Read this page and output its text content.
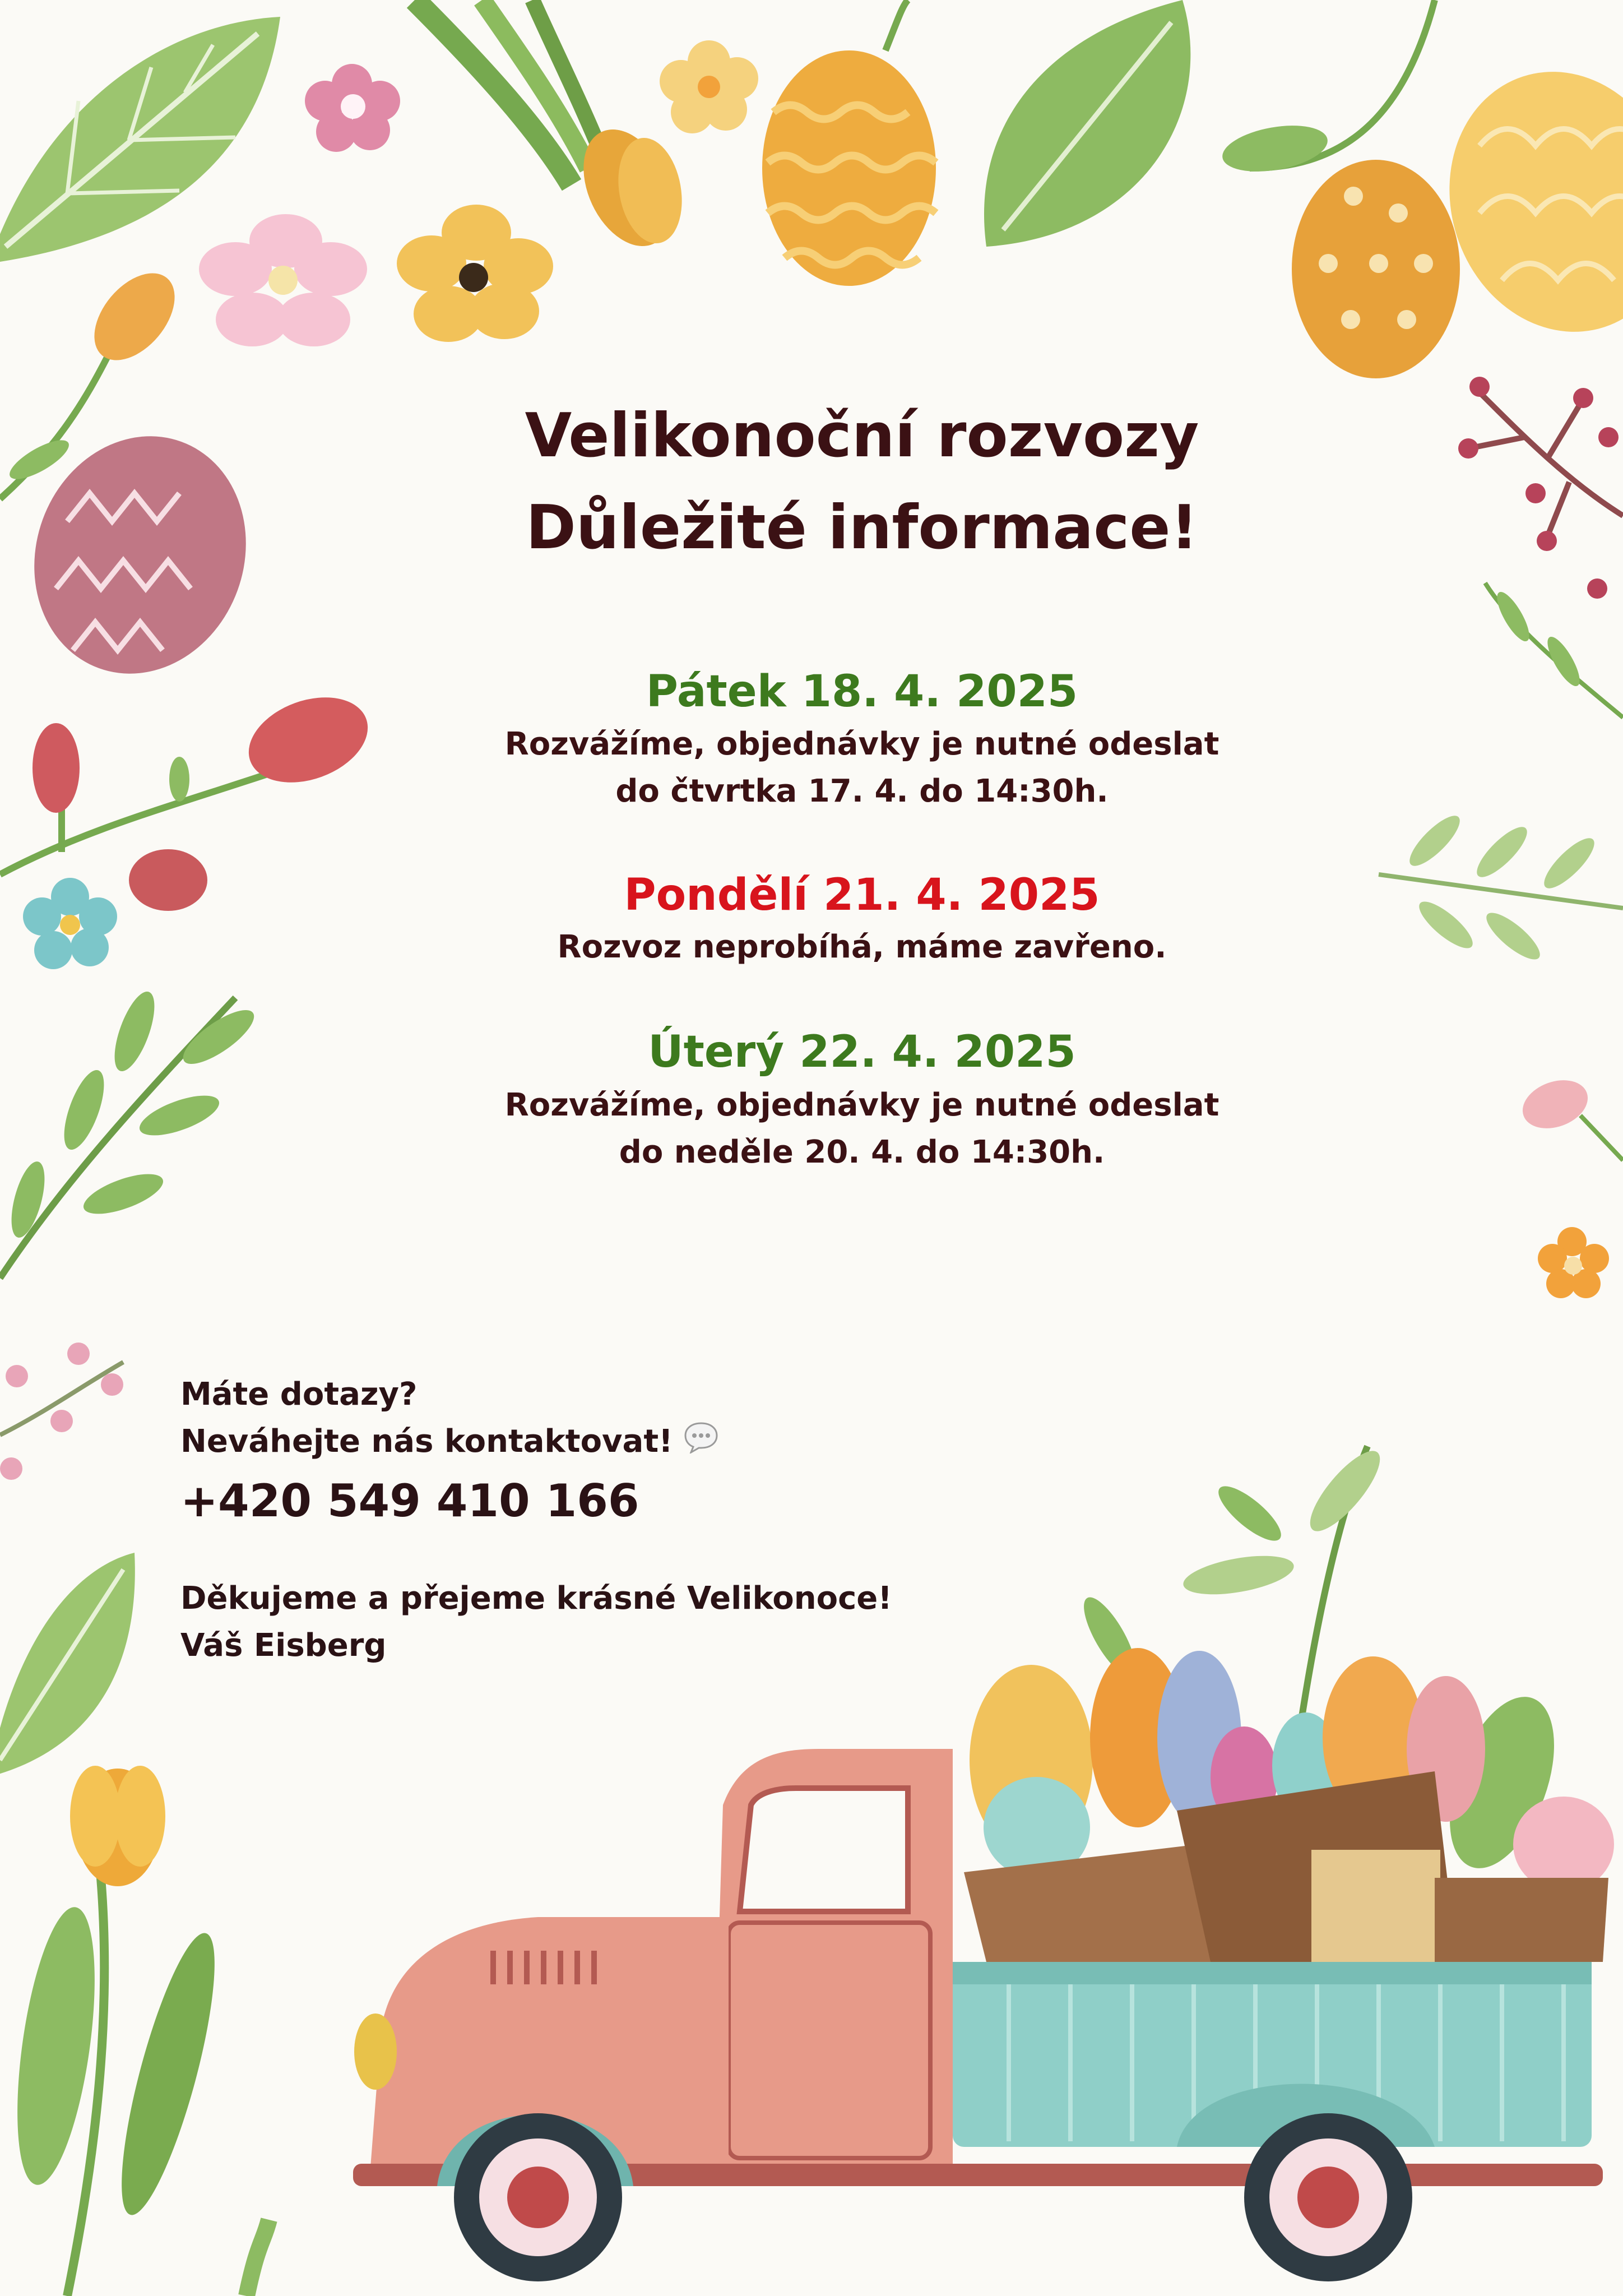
Velikonoční rozvozy
Důležité informace!

Pátek 18. 4. 2025

Rozvážíme, objednávky je nutné odeslat

do čtvrtka 17. 4. do 14:30h.

Pondělí 21. 4. 2025

Rozvoz neprobíhá, máme zavřeno.

Úterý 22. 4. 2025

Rozvážíme, objednávky je nutné odeslat

do neděle 20. 4. do 14:30h.

Máte dotazy?

Neváhejte nás kontaktovat!

+420 549 410 166

Děkujeme a přejeme krásné Velikonoce!

Váš Eisberg
